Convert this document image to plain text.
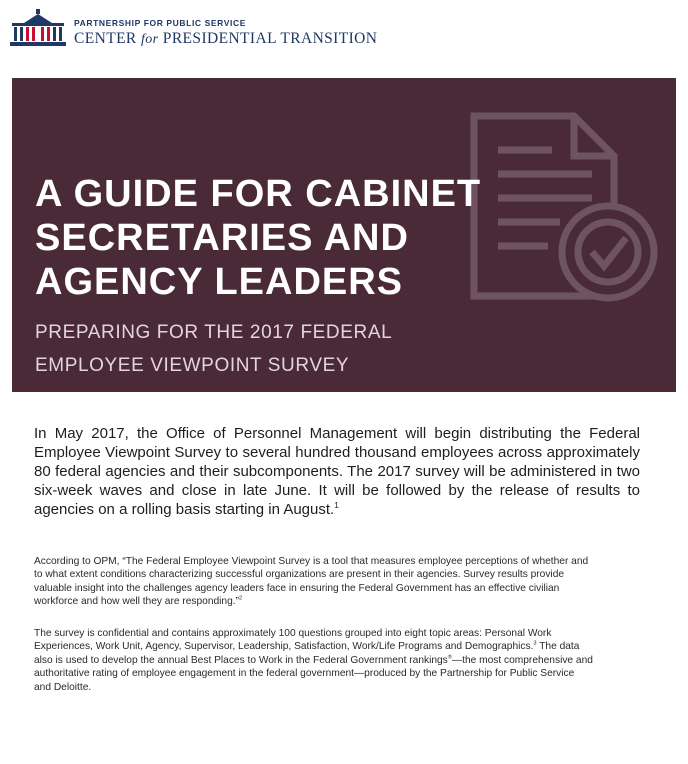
PARTNERSHIP FOR PUBLIC SERVICE
CENTER for PRESIDENTIAL TRANSITION
A GUIDE FOR CABINET
SECRETARIES AND
AGENCY LEADERS
PREPARING FOR THE 2017 FEDERAL
EMPLOYEE VIEWPOINT SURVEY

In May 2017, the Office of Personnel Management will begin distributing the Federal Employee Viewpoint Survey to several hundred thousand employees across approximately 80 federal agencies and their subcomponents. The 2017 survey will be administered in two six-week waves and close in late June. It will be followed by the release of results to agencies on a rolling basis starting in August.$^1$

According to OPM, “The Federal Employee Viewpoint Survey is a tool that measures employee perceptions of whether and to what extent conditions characterizing successful organizations are present in their agencies. Survey results provide valuable insight into the challenges agency leaders face in ensuring the Federal Government has an effective civilian workforce and how well they are responding.”$^2$

The survey is confidential and contains approximately 100 questions grouped into eight topic areas: Personal Work Experiences, Work Unit, Agency, Supervisor, Leadership, Satisfaction, Work/Life Programs and Demographics.$^3$ The data also is used to develop the annual Best Places to Work in the Federal Government rankings®—the most comprehensive and authoritative rating of employee engagement in the federal government—produced by the Partnership for Public Service and Deloitte.
